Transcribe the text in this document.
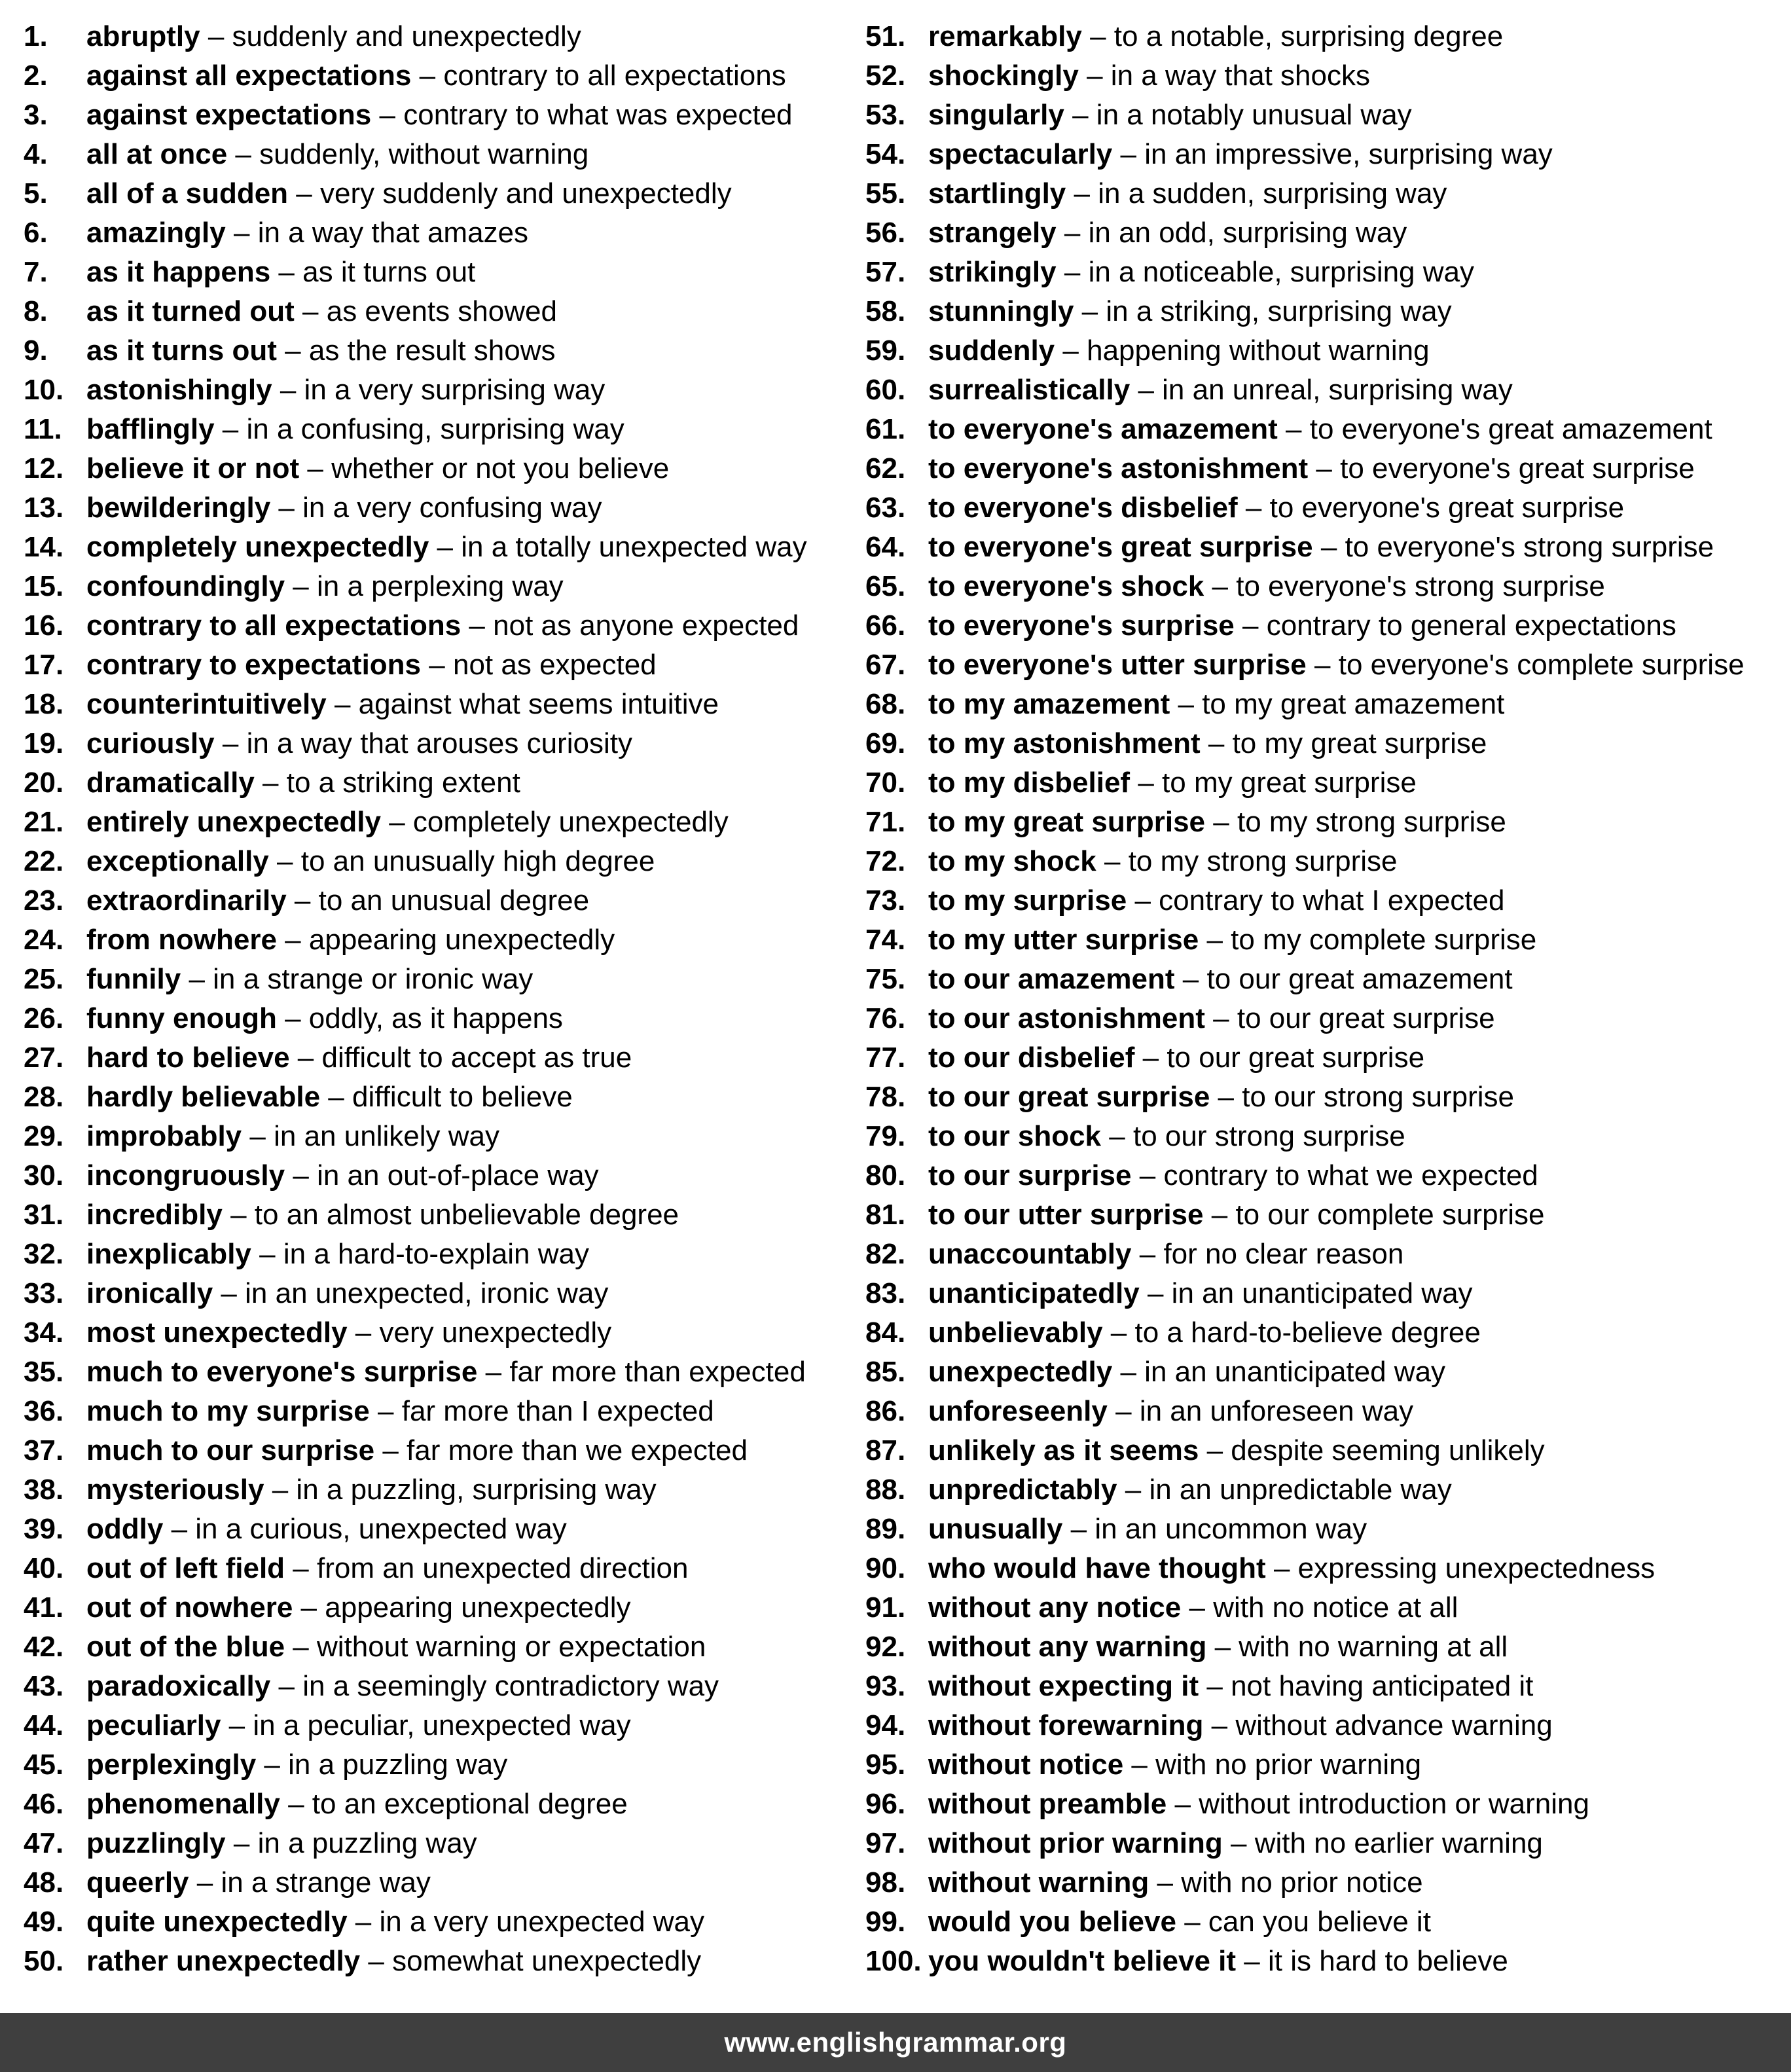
1. abruptly – suddenly and unexpectedly
2. against all expectations – contrary to all expectations
3. against expectations – contrary to what was expected
4. all at once – suddenly, without warning
5. all of a sudden – very suddenly and unexpectedly
6. amazingly – in a way that amazes
7. as it happens – as it turns out
8. as it turned out – as events showed
9. as it turns out – as the result shows
10. astonishingly – in a very surprising way
11. bafflingly – in a confusing, surprising way
12. believe it or not – whether or not you believe
13. bewilderingly – in a very confusing way
14. completely unexpectedly – in a totally unexpected way
15. confoundingly – in a perplexing way
16. contrary to all expectations – not as anyone expected
17. contrary to expectations – not as expected
18. counterintuitively – against what seems intuitive
19. curiously – in a way that arouses curiosity
20. dramatically – to a striking extent
21. entirely unexpectedly – completely unexpectedly
22. exceptionally – to an unusually high degree
23. extraordinarily – to an unusual degree
24. from nowhere – appearing unexpectedly
25. funnily – in a strange or ironic way
26. funny enough – oddly, as it happens
27. hard to believe – difficult to accept as true
28. hardly believable – difficult to believe
29. improbably – in an unlikely way
30. incongruously – in an out-of-place way
31. incredibly – to an almost unbelievable degree
32. inexplicably – in a hard-to-explain way
33. ironically – in an unexpected, ironic way
34. most unexpectedly – very unexpectedly
35. much to everyone's surprise – far more than expected
36. much to my surprise – far more than I expected
37. much to our surprise – far more than we expected
38. mysteriously – in a puzzling, surprising way
39. oddly – in a curious, unexpected way
40. out of left field – from an unexpected direction
41. out of nowhere – appearing unexpectedly
42. out of the blue – without warning or expectation
43. paradoxically – in a seemingly contradictory way
44. peculiarly – in a peculiar, unexpected way
45. perplexingly – in a puzzling way
46. phenomenally – to an exceptional degree
47. puzzlingly – in a puzzling way
48. queerly – in a strange way
49. quite unexpectedly – in a very unexpected way
50. rather unexpectedly – somewhat unexpectedly
51. remarkably – to a notable, surprising degree
52. shockingly – in a way that shocks
53. singularly – in a notably unusual way
54. spectacularly – in an impressive, surprising way
55. startlingly – in a sudden, surprising way
56. strangely – in an odd, surprising way
57. strikingly – in a noticeable, surprising way
58. stunningly – in a striking, surprising way
59. suddenly – happening without warning
60. surrealistically – in an unreal, surprising way
61. to everyone's amazement – to everyone's great amazement
62. to everyone's astonishment – to everyone's great surprise
63. to everyone's disbelief – to everyone's great surprise
64. to everyone's great surprise – to everyone's strong surprise
65. to everyone's shock – to everyone's strong surprise
66. to everyone's surprise – contrary to general expectations
67. to everyone's utter surprise – to everyone's complete surprise
68. to my amazement – to my great amazement
69. to my astonishment – to my great surprise
70. to my disbelief – to my great surprise
71. to my great surprise – to my strong surprise
72. to my shock – to my strong surprise
73. to my surprise – contrary to what I expected
74. to my utter surprise – to my complete surprise
75. to our amazement – to our great amazement
76. to our astonishment – to our great surprise
77. to our disbelief – to our great surprise
78. to our great surprise – to our strong surprise
79. to our shock – to our strong surprise
80. to our surprise – contrary to what we expected
81. to our utter surprise – to our complete surprise
82. unaccountably – for no clear reason
83. unanticipatedly – in an unanticipated way
84. unbelievably – to a hard-to-believe degree
85. unexpectedly – in an unanticipated way
86. unforeseenly – in an unforeseen way
87. unlikely as it seems – despite seeming unlikely
88. unpredictably – in an unpredictable way
89. unusually – in an uncommon way
90. who would have thought – expressing unexpectedness
91. without any notice – with no notice at all
92. without any warning – with no warning at all
93. without expecting it – not having anticipated it
94. without forewarning – without advance warning
95. without notice – with no prior warning
96. without preamble – without introduction or warning
97. without prior warning – with no earlier warning
98. without warning – with no prior notice
99. would you believe – can you believe it
100. you wouldn't believe it – it is hard to believe
www.englishgrammar.org
